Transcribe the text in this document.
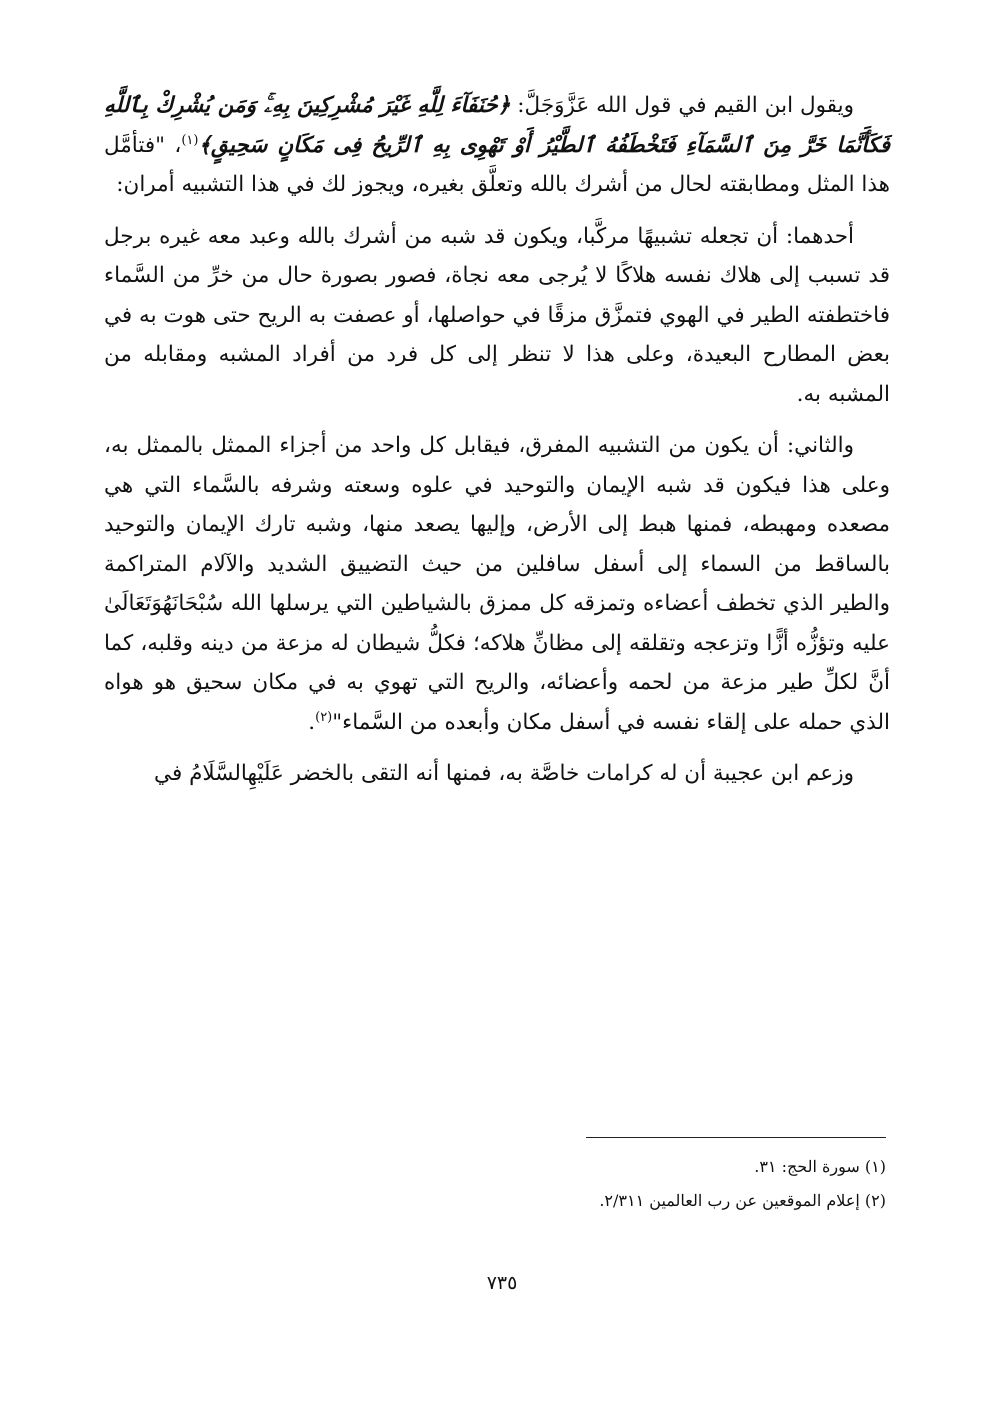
ويقول ابن القيم في قول الله عَزَّوَجَلَّ: ﴿حُنَفَآءَ لِلَّهِ غَيْرَ مُشْرِكِينَ بِهِۦۚ وَمَن يُشْرِكْ بِٱللَّهِ فَكَأَنَّمَا خَرَّ مِنَ ٱلسَّمَآءِ فَتَخْطَفُهُ ٱلطَّيْرُ أَوْ تَهْوِى بِهِ ٱلرِّيحُ فِى مَكَانٍ سَحِيقٍ﴾$^{(١)}$، "فتأمَّل هذا المثل ومطابقته لحال من أشرك بالله وتعلَّق بغيره، ويجوز لك في هذا التشبيه أمران:

أحدهما: أن تجعله تشبيهًا مركَّبا، ويكون قد شبه من أشرك بالله وعبد معه غيره برجل قد تسبب إلى هلاك نفسه هلاكًا لا يُرجى معه نجاة، فصور بصورة حال من خرِّ من السَّماء فاختطفته الطير في الهوي فتمزَّق مزقًا في حواصلها، أو عصفت به الريح حتى هوت به في بعض المطارح البعيدة، وعلى هذا لا تنظر إلى كل فرد من أفراد المشبه ومقابله من المشبه به.

والثاني: أن يكون من التشبيه المفرق، فيقابل كل واحد من أجزاء الممثل بالممثل به، وعلى هذا فيكون قد شبه الإيمان والتوحيد في علوه وسعته وشرفه بالسَّماء التي هي مصعده ومهبطه، فمنها هبط إلى الأرض، وإليها يصعد منها، وشبه تارك الإيمان والتوحيد بالساقط من السماء إلى أسفل سافلين من حيث التضييق الشديد والآلام المتراكمة والطير الذي تخطف أعضاءه وتمزقه كل ممزق بالشياطين التي يرسلها الله سُبْحَانَهُوَتَعَالَىٰ عليه وتؤزُّه أزًّا وتزعجه وتقلقه إلى مظانِّ هلاكه؛ فكلُّ شيطان له مزعة من دينه وقلبه، كما أنَّ لكلِّ طير مزعة من لحمه وأعضائه، والريح التي تهوي به في مكان سحيق هو هواه الذي حمله على إلقاء نفسه في أسفل مكان وأبعده من السَّماء"$^{(٢)}$.

وزعم ابن عجيبة أن له كرامات خاصَّة به، فمنها أنه التقى بالخضر عَلَيْهِالسَّلَامُ في

(١) سورة الحج: ٣١.

(٢) إعلام الموقعين عن رب العالمين ٢/٣١١.

٧٣٥
